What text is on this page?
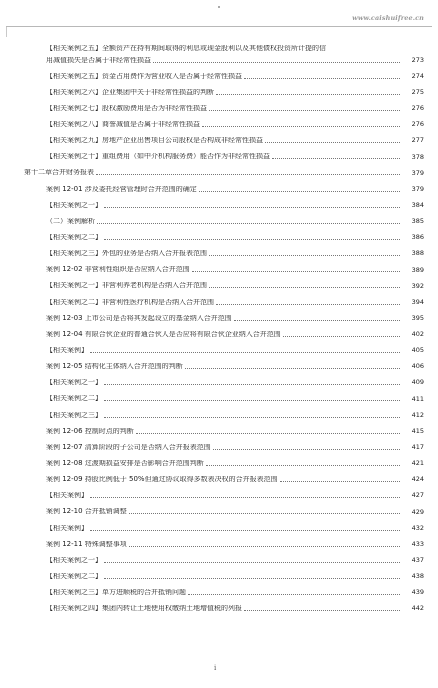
www.caishuifree.cn
【相关案例之五】全额资产在持有期间取得的利息或现金股利以及其他债权投资所计提的信
用减值损失是否属于非经常性损益	273
【相关案例之五】资金占用费作为营业收入是否属于经常性损益	274
【相关案例之六】企业集团中关于非经常性损益的判断	275
【相关案例之七】股权激励费用是否为非经常性损益	276
【相关案例之八】商誉减值是否属于非经常性损益	276
【相关案例之九】房地产企业出售项目公司股权是否构成非经常性损益	277
【相关案例之十】重组费用（如中介机构服务费）能否作为非经常性损益	378
第十二章合并财务报表	379
案例 12-01 涉及委托经营管理时合并范围的确定	379
【相关案例之一】	384
（二）案例解析	385
【相关案例之二】	386
【相关案例之三】外包的业务是否纳入合并报表范围	388
案例 12-02 非营利性组织是否应纳入合并范围	389
【相关案例之一】非营利养老机构是否纳入合并范围	392
【相关案例之二】非营利性医疗机构是否纳入合并范围	394
案例 12-03 上市公司是否将其发起设立的基金纳入合并范围	395
案例 12-04 有限合伙企业的普通合伙人是否应将有限合伙企业纳入合并范围	402
【相关案例】	405
案例 12-05 结构化主体纳入合并范围的判断	406
【相关案例之一】	409
【相关案例之二】	411
【相关案例之三】	412
案例 12-06 控制时点的判断	415
案例 12-07 清算阶段的子公司是否纳入合并报表范围	417
案例 12-08 过渡期损益安排是否影响合并范围判断	421
案例 12-09 持股比例低于 50%但通过协议取得多数表决权的合并报表范围	424
【相关案例】	427
案例 12-10 合并抵销调整	429
【相关案例】	432
案例 12-11 特殊调整事项	433
【相关案例之一】	437
【相关案例之二】	438
【相关案例之三】单方进顺税的合并抵销问题	439
【相关案例之四】集团内转让土地使用权缴纳土地增值税的列报	442
i
